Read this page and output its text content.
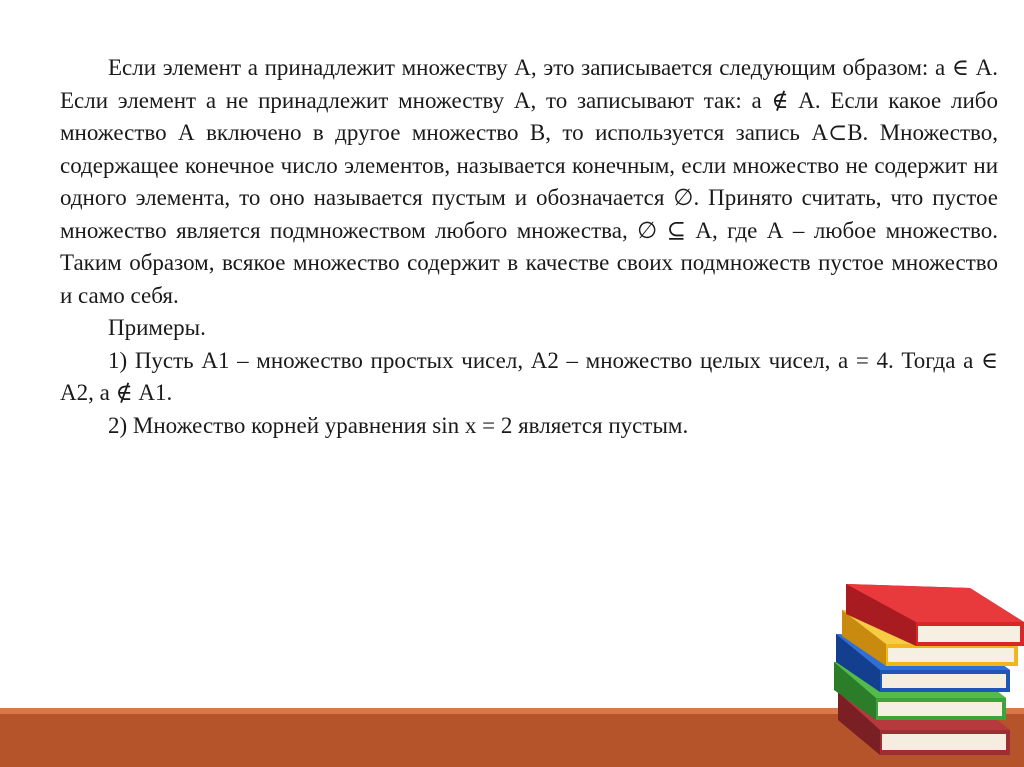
Если элемент а принадлежит множеству А, это записывается следующим образом: а ∈ А. Если элемент а не принадлежит множеству А, то записывают так: а ∉ А. Если какое либо множество А включено в другое множество В, то используется запись А⊂В. Множество, содержащее конечное число элементов, называется конечным, если множество не содержит ни одного элемента, то оно называется пустым и обозначается ∅. Принято считать, что пустое множество является подмножеством любого множества, ∅ ⊆ А, где А – любое множество. Таким образом, всякое множество содержит в качестве своих подмножеств пустое множество и само себя.

Примеры.

1) Пусть А1 – множество простых чисел, А2 – множество целых чисел, а = 4. Тогда а ∈ А2, а ∉ А1.

2) Множество корней уравнения sin x = 2 является пустым.
